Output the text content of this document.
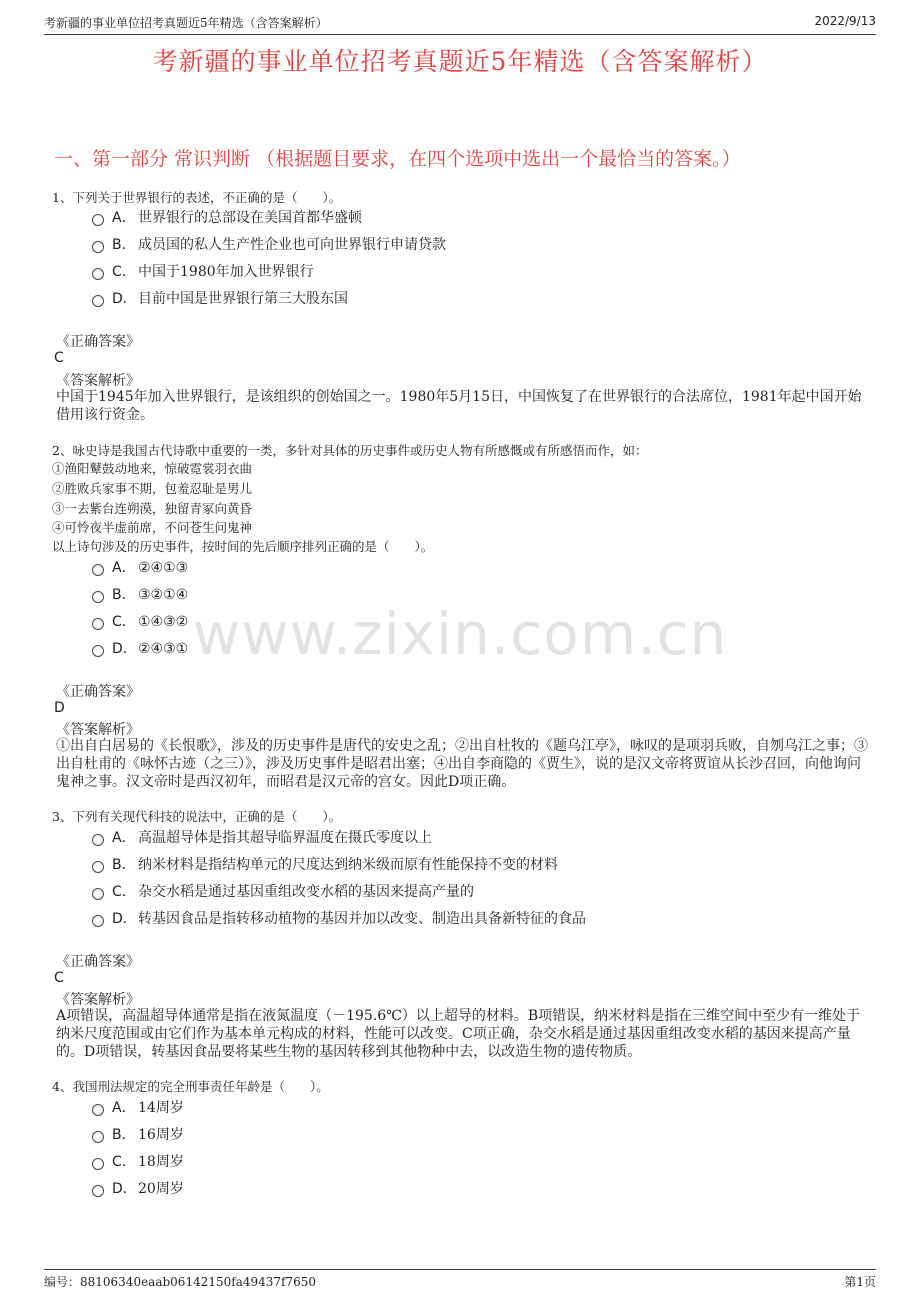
考新疆的事业单位招考真题近5年精选（含答案解析）	2022/9/13
考新疆的事业单位招考真题近5年精选（含答案解析）
一、第一部分 常识判断 （根据题目要求，在四个选项中选出一个最恰当的答案。）
www.zixin.com.cn
1、下列关于世界银行的表述，不正确的是（　　）。
A． 世界银行的总部设在美国首都华盛顿
B． 成员国的私人生产性企业也可向世界银行申请贷款
C． 中国于1980年加入世界银行
D．目前中国是世界银行第三大股东国
《正确答案》
C
《答案解析》
中国于1945年加入世界银行，是该组织的创始国之一。1980年5月15日，中国恢复了在世界银行的合法席位，1981年起中国开始借用该行资金。
2、咏史诗是我国古代诗歌中重要的一类，多针对具体的历史事件或历史人物有所感慨或有所感悟而作，如：
①渔阳鼙鼓动地来，惊破霓裳羽衣曲
②胜败兵家事不期，包羞忍耻是男儿
③一去紫台连朔漠，独留青冢向黄昏
④可怜夜半虚前席，不问苍生问鬼神
以上诗句涉及的历史事件，按时间的先后顺序排列正确的是（　　）。
A． ②④①③
B． ③②①④
C． ①④③②
D．②④③①
《正确答案》
D
《答案解析》
①出自白居易的《长恨歌》，涉及的历史事件是唐代的安史之乱；②出自杜牧的《题乌江亭》，咏叹的是项羽兵败，自刎乌江之事；③出自杜甫的《咏怀古迹（之三）》，涉及历史事件是昭君出塞；④出自李商隐的《贾生》，说的是汉文帝将贾谊从长沙召回，向他询问鬼神之事。汉文帝时是西汉初年，而昭君是汉元帝的宫女。因此D项正确。
3、下列有关现代科技的说法中，正确的是（　　）。
A． 高温超导体是指其超导临界温度在摄氏零度以上
B． 纳米材料是指结构单元的尺度达到纳米级而原有性能保持不变的材料
C． 杂交水稻是通过基因重组改变水稻的基因来提高产量的
D．转基因食品是指转移动植物的基因并加以改变、制造出具备新特征的食品
《正确答案》
C
《答案解析》
A项错误，高温超导体通常是指在液氮温度（－195.6℃）以上超导的材料。B项错误，纳米材料是指在三维空间中至少有一维处于纳米尺度范围或由它们作为基本单元构成的材料，性能可以改变。C项正确，杂交水稻是通过基因重组改变水稻的基因来提高产量的。D项错误，转基因食品要将某些生物的基因转移到其他物种中去，以改造生物的遗传物质。
4、我国刑法规定的完全刑事责任年龄是（　　）。
A． 14周岁
B． 16周岁
C． 18周岁
D．20周岁
编号：88106340eaab06142150fa49437f7650	第1页
